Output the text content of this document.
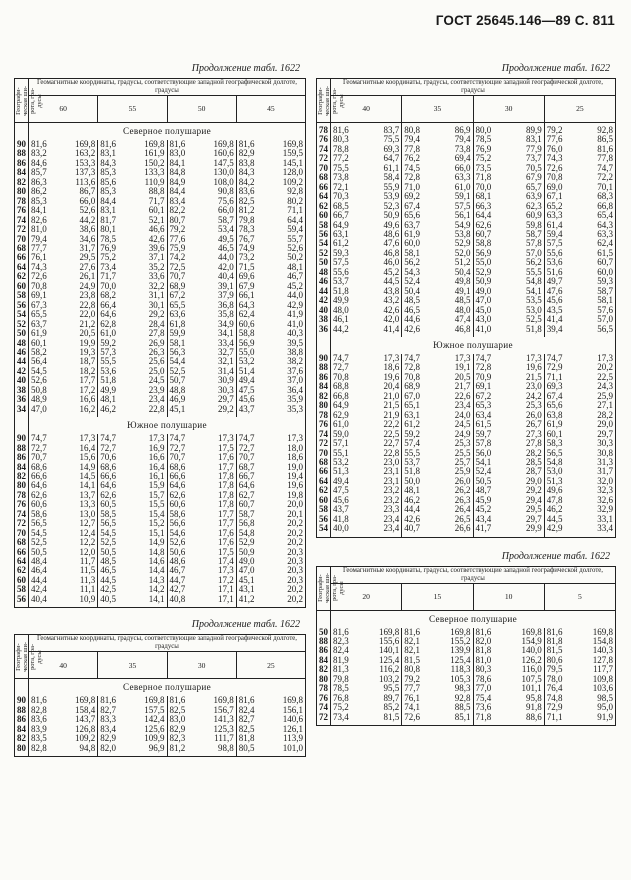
ГОСТ 25645.146—89 С. 811
Продолжение табл. 1622
Географи-
ческая ши-
рота, гра-
дусы	Геомагнитные координаты, градусы, соответствующие западной географической долготе, градусы			
	60	55	50	45
	Северное полушарие			
90	81,6 169,8	81,6 169,8	81,6 169,8	81,6 169,8
88	83,2 163,2	83,1 161,9	83,0 160,6	82,9 159,5
86	84,6 153,3	84,3 150,2	84,1 147,5	83,8 145,1
84	85,7 137,3	85,3 133,3	84,8 130,0	84,3 128,0
82	86,3 113,6	85,6 110,9	84,9 108,0	84,2 109,2
80	86,2 86,7	85,3 88,8	84,4 90,8	83,6 92,8
78	85,3 66,0	84,4 71,7	83,4 75,6	82,5 80,2
76	84,1 52,6	83,1 60,1	82,2 66,0	81,2 71,1
74	82,6 44,2	81,7 52,1	80,7 58,7	79,8 64,4
72	81,0 38,6	80,1 46,6	79,2 53,4	78,3 59,4
70	79,4 34,6	78,5 42,6	77,6 49,5	76,7 55,7
68	77,7 31,7	76,9 39,6	75,9 46,5	74,9 52,6
66	76,1 29,5	75,2 37,1	74,2 44,0	73,2 50,2
64	74,3 27,6	73,4 35,2	72,5 42,0	71,5 48,1
62	72,6 26,1	71,7 33,6	70,7 40,4	69,6 46,7
60	70,8 24,9	70,0 32,2	68,9 39,1	67,9 45,2
58	69,1 23,8	68,2 31,1	67,2 37,9	66,1 44,0
56	67,3 22,8	66,4 30,1	65,5 36,8	64,3 42,9
54	65,5 22,0	64,6 29,2	63,6 35,8	62,4 41,9
52	63,7 21,2	62,8 28,4	61,8 34,9	60,6 41,0
50	61,9 20,5	61,0 27,8	59,9 34,1	58,8 40,3
48	60,1 19,9	59,2 26,9	58,1 33,4	56,9 39,5
46	58,2 19,3	57,3 26,3	56,3 32,7	55,0 38,8
44	56,4 18,7	55,5 25,6	54,4 32,1	53,2 38,2
42	54,5 18,2	53,6 25,0	52,5 31,4	51,4 37,6
40	52,6 17,7	51,8 24,5	50,7 30,9	49,4 37,0
38	50,8 17,2	49,9 23,9	48,8 30,3	47,5 36,4
36	48,9 16,6	48,1 23,4	46,9 29,7	45,6 35,9
34	47,0 16,2	46,2 22,8	45,1 29,2	43,7 35,3

	Южное полушарие			
90	74,7 17,3	74,7 17,3	74,7 17,3	74,7 17,3
88	72,7 16,4	72,7 16,9	72,7 17,5	72,7 18,0
86	70,7 15,6	70,6 16,6	70,7 17,6	70,7 18,6
84	68,6 14,9	68,6 16,4	68,6 17,7	68,7 19,0
82	66,6 14,5	66,6 16,1	66,6 17,8	66,7 19,4
80	64,6 14,1	64,6 15,9	64,6 17,8	64,6 19,6
78	62,6 13,7	62,6 15,7	62,6 17,8	62,7 19,8
76	60,6 13,3	60,5 15,5	60,6 17,8	60,7 20,0
74	58,6 13,0	58,5 15,4	58,6 17,7	58,7 20,1
72	56,5 12,7	56,5 15,2	56,6 17,7	56,8 20,2
70	54,5 12,4	54,5 15,1	54,6 17,6	54,8 20,2
68	52,5 12,2	52,5 14,9	52,6 17,6	52,9 20,2
66	50,5 12,0	50,5 14,8	50,6 17,5	50,9 20,3
64	48,4 11,7	48,5 14,6	48,6 17,4	49,0 20,3
62	46,4 11,5	46,5 14,4	46,7 17,3	47,0 20,3
60	44,4 11,3	44,5 14,3	44,7 17,2	45,1 20,3
58	42,4 11,1	42,5 14,2	42,7 17,1	43,1 20,2
56	40,4 10,9	40,5 14,1	40,8 17,1	41,2 20,2

Продолжение табл. 1622
Географи-
ческая ши-
рота, гра-
дусы	Геомагнитные координаты, градусы, соответствующие западной географической долготе, градусы			
	40	35	30	25
	Северное полушарие			
90	81,6 169,8	81,6 169,8	81,6 169,8	81,6 169,8
88	82,8 158,4	82,7 157,5	82,5 156,7	82,4 156,1
86	83,6 143,7	83,3 142,4	83,0 141,3	82,7 140,6
84	83,9 126,8	83,4 125,6	82,9 125,3	82,5 126,1
82	83,5 109,2	82,9 109,9	82,3 111,7	81,8 113,9
80	82,8 94,8	82,0 96,9	81,2 98,8	80,5 101,0

Продолжение табл. 1622
Географи-
ческая ши-
рота, гра-
дусы	Геомагнитные координаты, градусы, соответствующие западной географической долготе, градусы			
	40	35	30	25

78	81,6 83,7	80,8 86,9	80,0 89,9	79,2 92,8
76	80,3 75,5	79,4 79,4	78,5 83,1	77,6 86,5
74	78,8 69,3	77,8 73,8	76,9 77,9	76,0 81,6
72	77,2 64,7	76,2 69,4	75,2 73,7	74,3 77,8
70	75,5 61,1	74,5 66,0	73,5 70,5	72,6 74,7
68	73,8 58,4	72,8 63,3	71,8 67,9	70,8 72,2
66	72,1 55,9	71,0 61,0	70,0 65,7	69,0 70,1
64	70,3 53,9	69,2 59,1	68,1 63,9	67,1 68,3
62	68,5 52,3	67,4 57,5	66,3 62,3	65,2 66,8
60	66,7 50,9	65,6 56,1	64,4 60,9	63,3 65,4
58	64,9 49,6	63,7 54,9	62,6 59,8	61,4 64,3
56	63,1 48,6	61,9 53,8	60,7 58,7	59,4 63,3
54	61,2 47,6	60,0 52,9	58,8 57,8	57,5 62,4
52	59,3 46,8	58,1 52,0	56,9 57,0	55,6 61,5
50	57,5 46,0	56,2 51,2	55,0 56,2	53,6 60,7
48	55,6 45,2	54,3 50,4	52,9 55,5	51,6 60,0
46	53,7 44,5	52,4 49,8	50,9 54,8	49,7 59,3
44	51,8 43,8	50,4 49,1	49,0 54,1	47,6 58,7
42	49,9 43,2	48,5 48,5	47,0 53,5	45,6 58,1
40	48,0 42,6	46,5 48,0	45,0 53,0	43,5 57,6
38	46,1 42,0	44,6 47,4	43,0 52,5	41,4 57,0
36	44,2 41,4	42,6 46,8	41,0 51,8	39,4 56,5

	Южное полушарие			
90	74,7 17,3	74,7 17,3	74,7 17,3	74,7 17,3
88	72,7 18,6	72,8 19,1	72,8 19,6	72,9 20,2
86	70,8 19,6	70,8 20,5	70,9 21,5	71,1 22,5
84	68,8 20,4	68,9 21,7	69,1 23,0	69,3 24,3
82	66,8 21,0	67,0 22,6	67,2 24,2	67,4 25,9
80	64,9 21,5	65,1 23,4	65,3 25,3	65,6 27,1
78	62,9 21,9	63,1 24,0	63,4 26,0	63,8 28,2
76	61,0 22,2	61,2 24,5	61,5 26,7	61,9 29,0
74	59,0 22,5	59,2 24,9	59,7 27,3	60,1 29,7
72	57,1 22,7	57,4 25,3	57,8 27,8	58,3 30,3
70	55,1 22,8	55,5 25,5	56,0 28,2	56,5 30,8
68	53,2 23,0	53,7 25,7	54,1 28,5	54,8 31,3
66	51,3 23,1	51,8 25,9	52,4 28,7	53,0 31,7
64	49,4 23,1	50,0 26,0	50,5 29,0	51,3 32,0
62	47,5 23,2	48,1 26,2	48,7 29,2	49,6 32,3
60	45,6 23,2	46,2 26,3	45,9 29,4	47,8 32,6
58	43,7 23,3	44,4 26,4	45,2 29,5	46,2 32,9
56	41,8 23,4	42,6 26,5	43,4 29,7	44,5 33,1
54	40,0 23,4	40,7 26,6	41,7 29,9	42,9 33,4

Продолжение табл. 1622
Географи-
ческая ши-
рота, гра-
дусы	Геомагнитные координаты, градусы, соответствующие западной географической долготе, градусы			
	20	15	10	5
	Северное полушарие			
50	81,6 169,8	81,6 169,8	81,6 169,8	81,6 169,8
88	82,3 155,6	82,1 155,2	82,0 154,9	81,8 154,8
86	82,4 140,1	82,1 139,9	81,8 140,0	81,5 140,3
84	81,9 125,4	81,5 125,4	81,0 126,2	80,6 127,8
82	81,3 116,2	80,8 118,3	80,3 116,0	79,5 117,7
80	79,8 103,2	79,2 105,3	78,6 107,5	78,0 109,8
78	78,5 95,5	77,7 98,3	77,0 101,1	76,4 103,6
76	76,8 89,7	76,1 92,8	75,4 95,8	74,8 98,5
74	75,2 85,2	74,1 88,5	73,6 91,8	72,9 95,0
72	73,4 81,5	72,6 85,1	71,8 88,6	71,1 91,9
